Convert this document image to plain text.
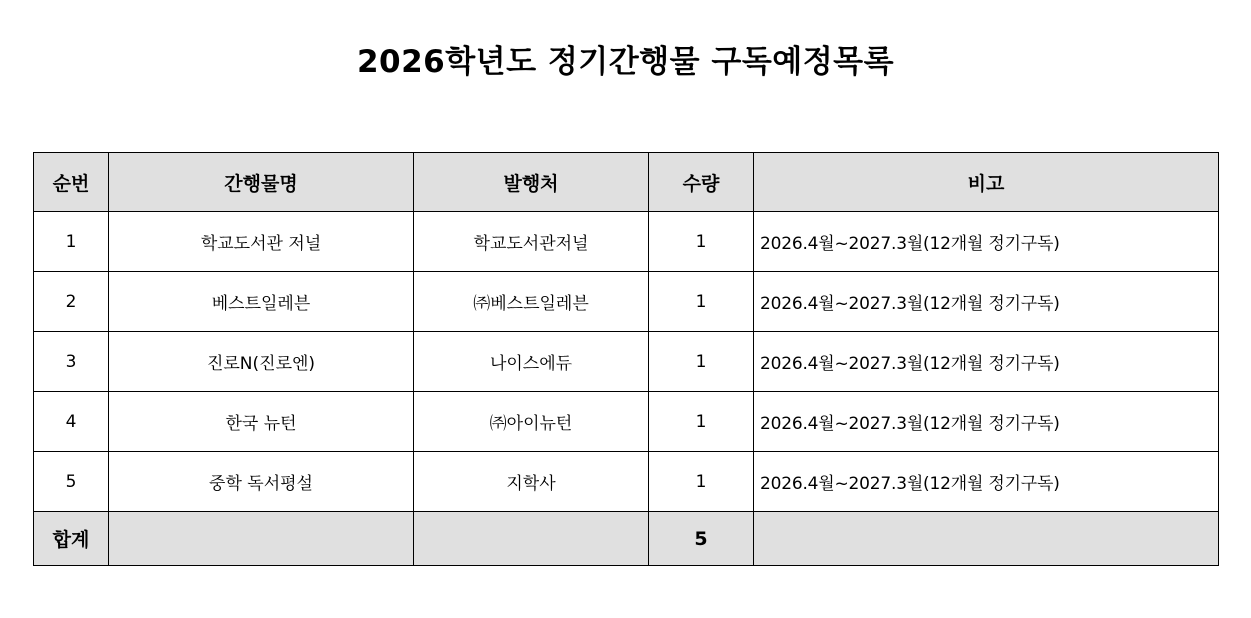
2026학년도 정기간행물 구독예정목록
순번	간행물명	발행처	수량	비고
1	학교도서관 저널	학교도서관저널	1	2026.4월~2027.3월(12개월 정기구독)
2	베스트일레븐	㈜베스트일레븐	1	2026.4월~2027.3월(12개월 정기구독)
3	진로N(진로엔)	나이스에듀	1	2026.4월~2027.3월(12개월 정기구독)
4	한국 뉴턴	㈜아이뉴턴	1	2026.4월~2027.3월(12개월 정기구독)
5	중학 독서평설	지학사	1	2026.4월~2027.3월(12개월 정기구독)
합계			5	
